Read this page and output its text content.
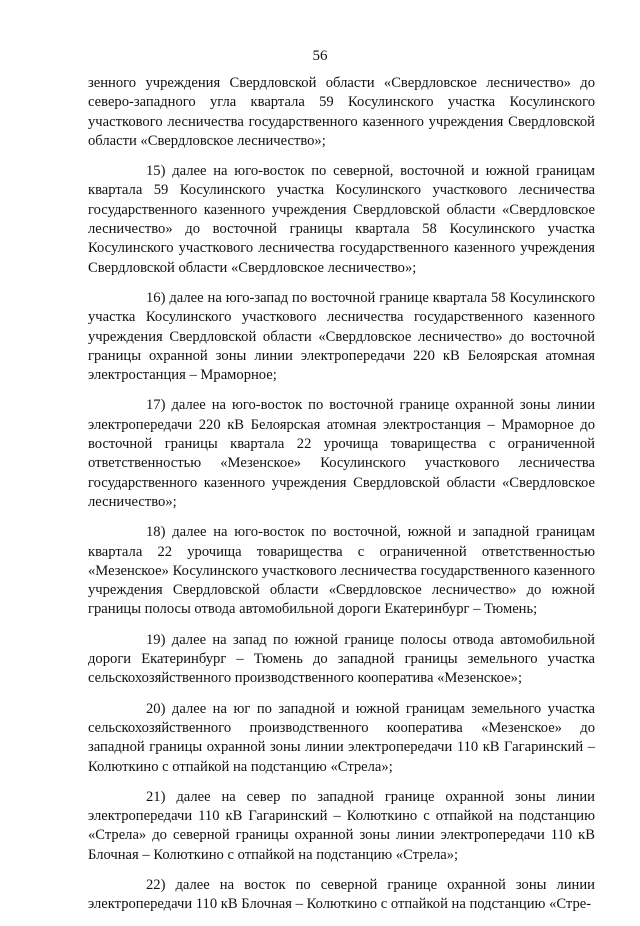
56

зенного учреждения Свердловской области «Свердловское лесничество» до северо-западного угла квартала 59 Косулинского участка Косулинского участкового лесничества государственного казенного учреждения Свердловской области «Свердловское лесничество»;

15) далее на юго-восток по северной, восточной и южной границам квартала 59 Косулинского участка Косулинского участкового лесничества государственного казенного учреждения Свердловской области «Свердловское лесничество» до восточной границы квартала 58 Косулинского участка Косулинского участкового лесничества государственного казенного учреждения Свердловской области «Свердловское лесничество»;

16) далее на юго-запад по восточной границе квартала 58 Косулинского участка Косулинского участкового лесничества государственного казенного учреждения Свердловской области «Свердловское лесничество» до восточной границы охранной зоны линии электропередачи 220 кВ Белоярская атомная электростанция – Мраморное;

17) далее на юго-восток по восточной границе охранной зоны линии электропередачи 220 кВ Белоярская атомная электростанция – Мраморное до восточной границы квартала 22 урочища товарищества с ограниченной ответственностью «Мезенское» Косулинского участкового лесничества государственного казенного учреждения Свердловской области «Свердловское лесничество»;

18) далее на юго-восток по восточной, южной и западной границам квартала 22 урочища товарищества с ограниченной ответственностью «Мезенское» Косулинского участкового лесничества государственного казенного учреждения Свердловской области «Свердловское лесничество» до южной границы полосы отвода автомобильной дороги Екатеринбург – Тюмень;

19) далее на запад по южной границе полосы отвода автомобильной дороги Екатеринбург – Тюмень до западной границы земельного участка сельскохозяйственного производственного кооператива «Мезенское»;

20) далее на юг по западной и южной границам земельного участка сельскохозяйственного производственного кооператива «Мезенское» до западной границы охранной зоны линии электропередачи 110 кВ Гагаринский – Колюткино с отпайкой на подстанцию «Стрела»;

21) далее на север по западной границе охранной зоны линии электропередачи 110 кВ Гагаринский – Колюткино с отпайкой на подстанцию «Стрела» до северной границы охранной зоны линии электропередачи 110 кВ Блочная – Колюткино с отпайкой на подстанцию «Стрела»;

22) далее на восток по северной границе охранной зоны линии электропередачи 110 кВ Блочная – Колюткино с отпайкой на подстанцию «Стре-
